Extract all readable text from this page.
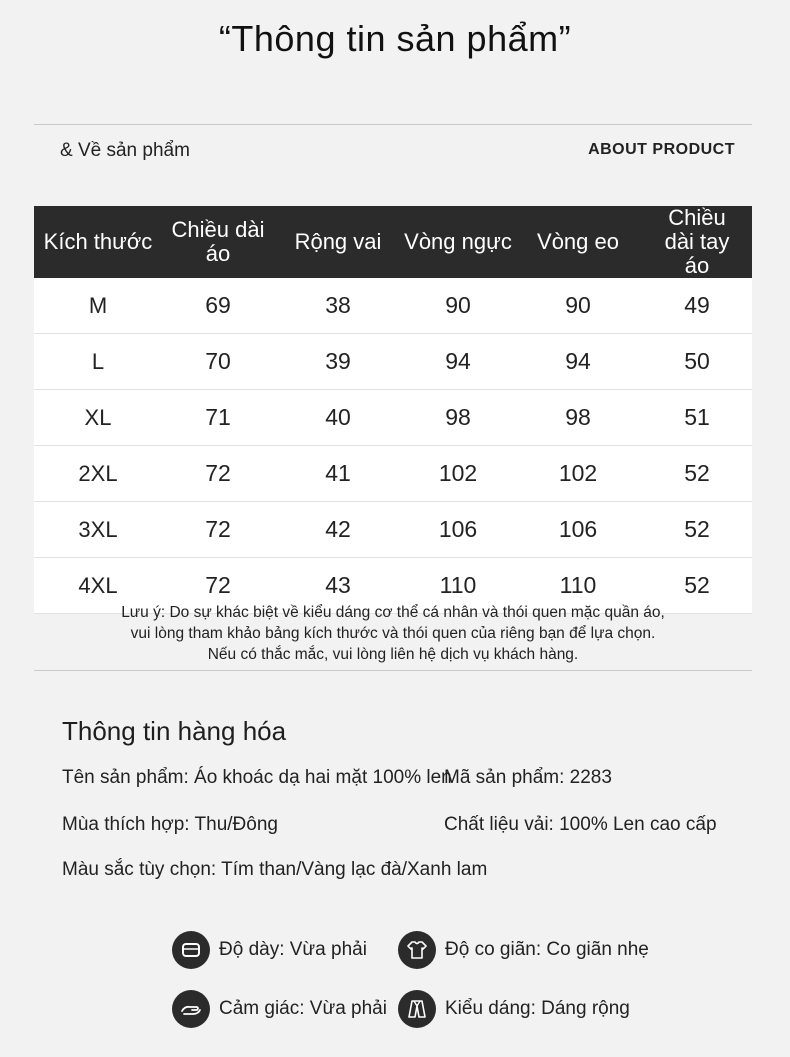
“Thông tin sản phẩm”
& Về sản phẩm	ABOUT PRODUCT
Kích thước	Chiều dài áo	Rộng vai	Vòng ngực	Vòng eo	Chiều dài tay áo
M	69	38	90	90	49
L	70	39	94	94	50
XL	71	40	98	98	51
2XL	72	41	102	102	52
3XL	72	42	106	106	52
4XL	72	43	110	110	52
Lưu ý: Do sự khác biệt về kiểu dáng cơ thể cá nhân và thói quen mặc quần áo,
vui lòng tham khảo bảng kích thước và thói quen của riêng bạn để lựa chọn.
Nếu có thắc mắc, vui lòng liên hệ dịch vụ khách hàng.
Thông tin hàng hóa
Tên sản phẩm: Áo khoác dạ hai mặt 100% len
Mã sản phẩm: 2283
Mùa thích hợp: Thu/Đông	Chất liệu vải: 100% Len cao cấp
Màu sắc tùy chọn: Tím than/Vàng lạc đà/Xanh lam
Độ dày: Vừa phải	Độ co giãn: Co giãn nhẹ
Cảm giác: Vừa phải	Kiểu dáng: Dáng rộng
